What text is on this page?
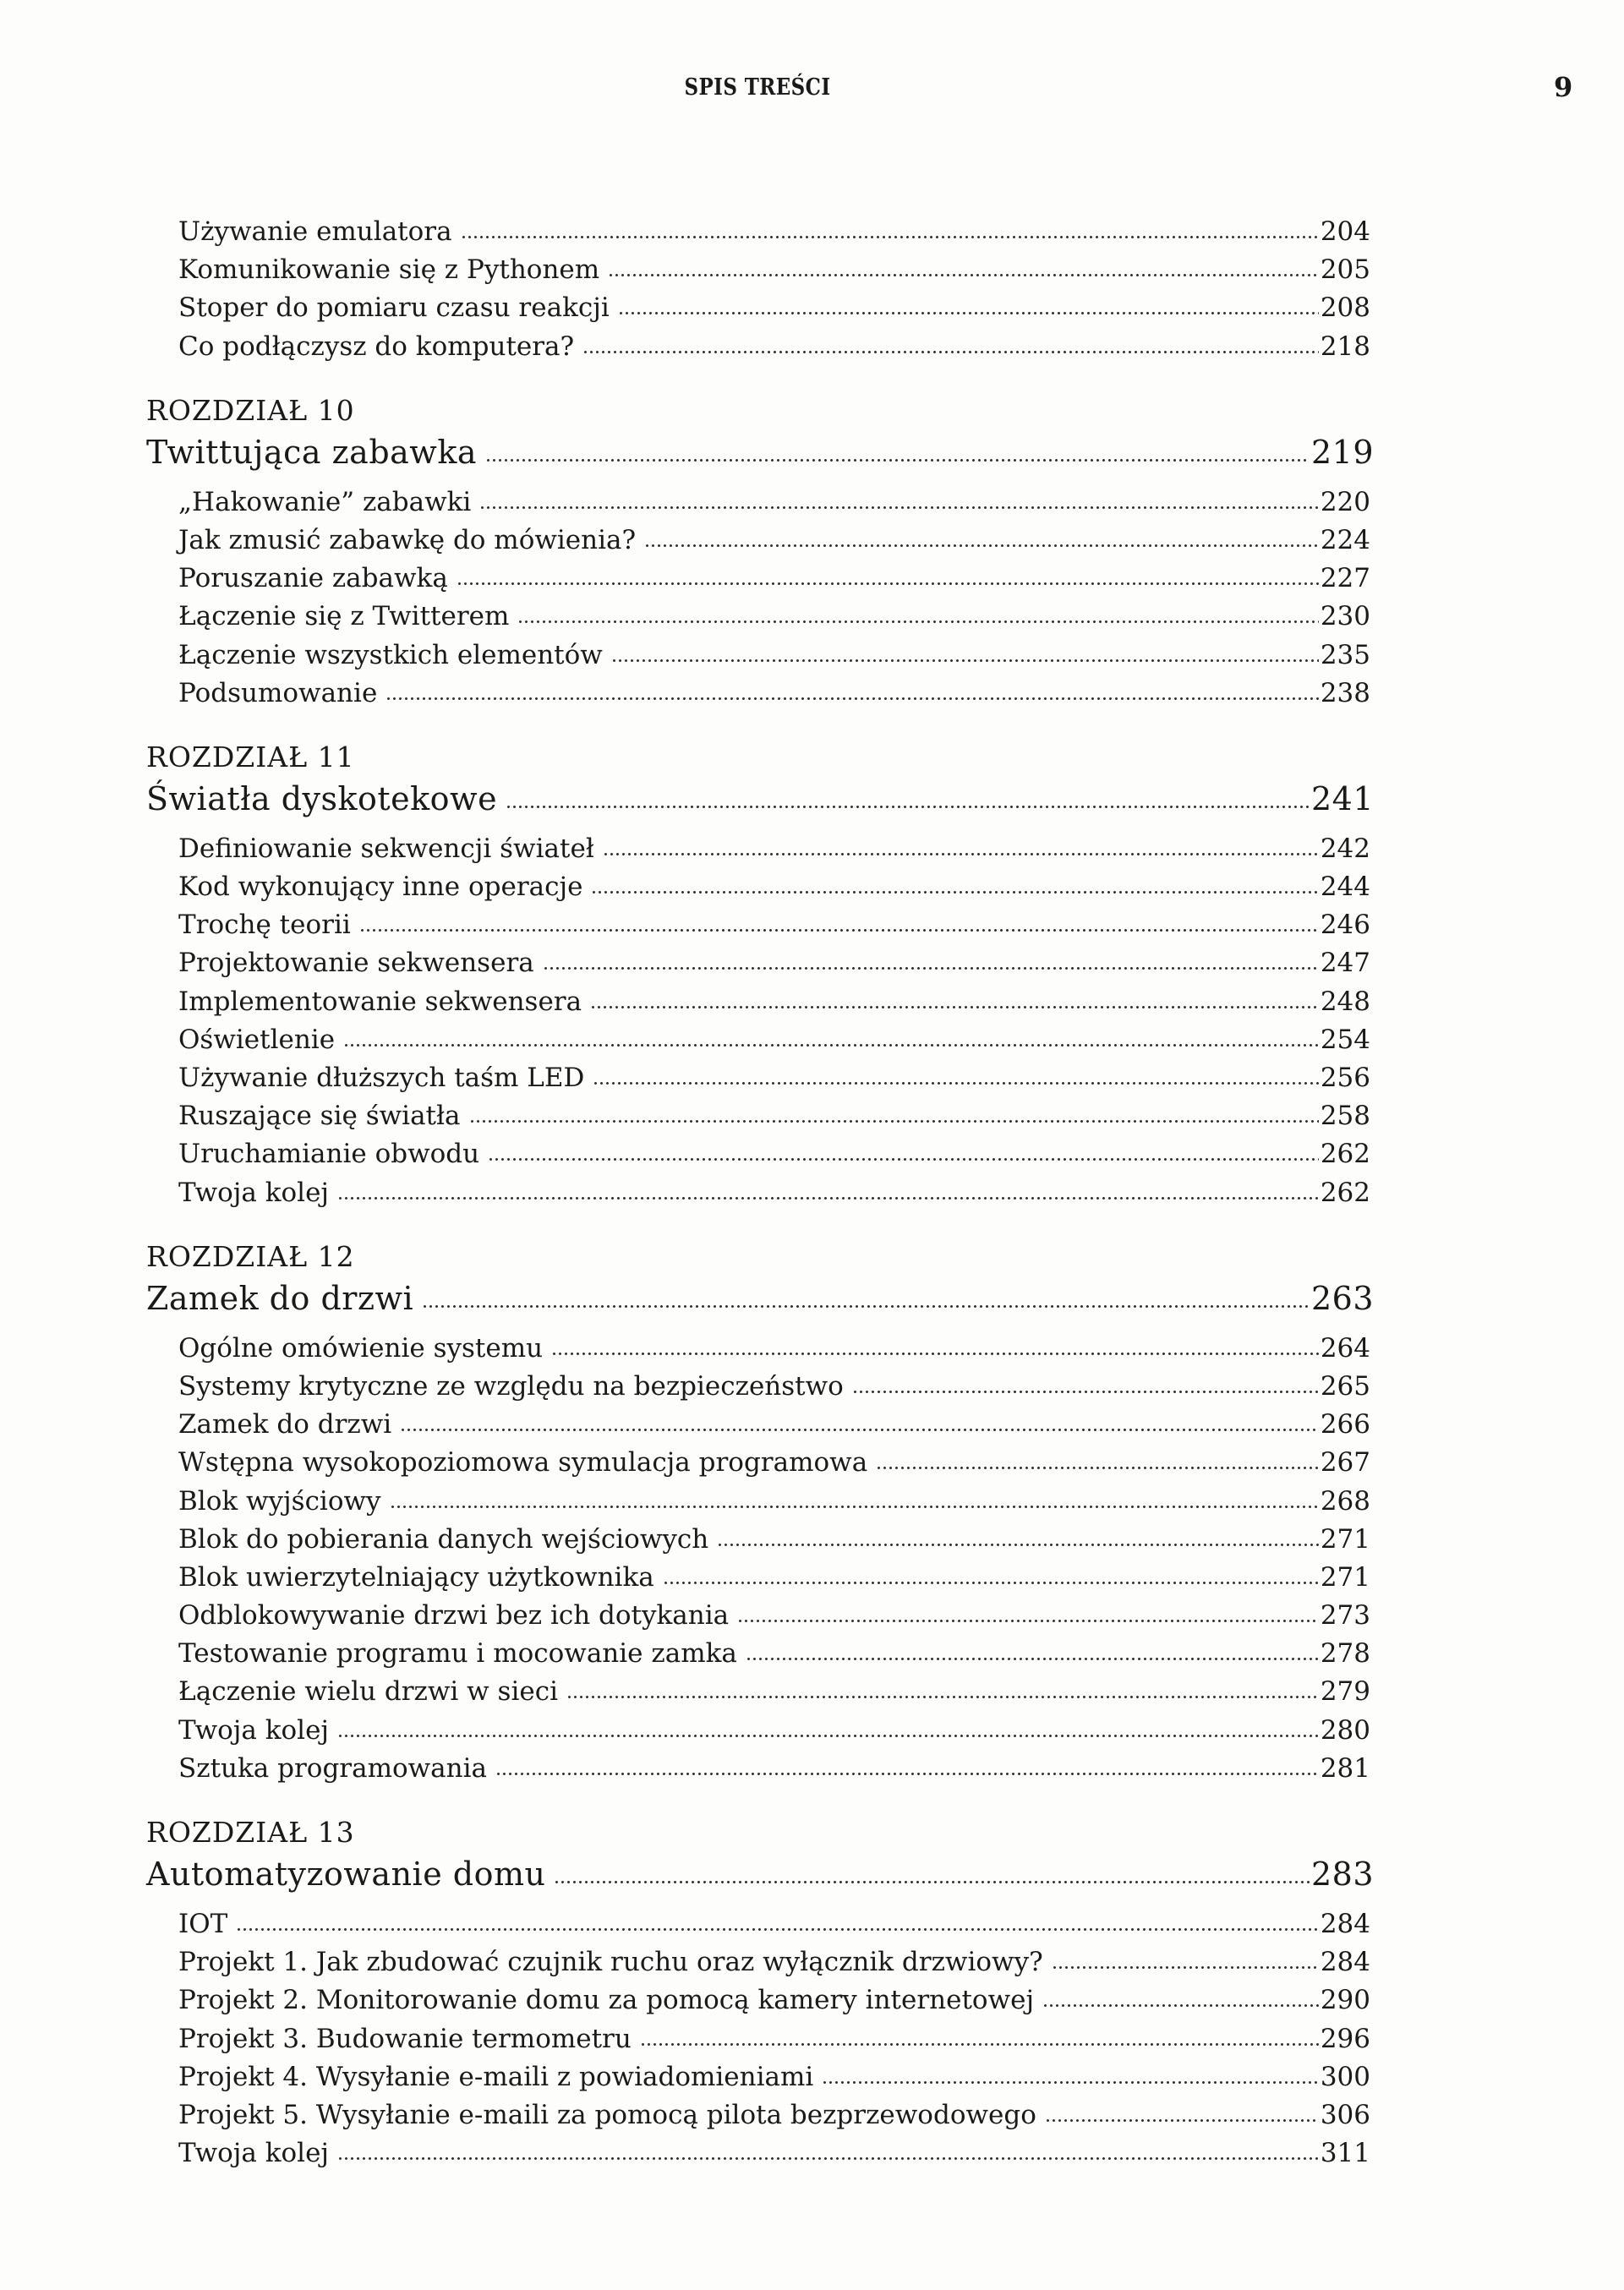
SPIS TREŚCI	9
Używanie emulatora	204
Komunikowanie się z Pythonem	205
Stoper do pomiaru czasu reakcji	208
Co podłączysz do komputera?	218
ROZDZIAŁ 10
Twittująca zabawka	219
„Hakowanie” zabawki	220
Jak zmusić zabawkę do mówienia?	224
Poruszanie zabawką	227
Łączenie się z Twitterem	230
Łączenie wszystkich elementów	235
Podsumowanie	238
ROZDZIAŁ 11
Światła dyskotekowe	241
Definiowanie sekwencji świateł	242
Kod wykonujący inne operacje	244
Trochę teorii	246
Projektowanie sekwensera	247
Implementowanie sekwensera	248
Oświetlenie	254
Używanie dłuższych taśm LED	256
Ruszające się światła	258
Uruchamianie obwodu	262
Twoja kolej	262
ROZDZIAŁ 12
Zamek do drzwi	263
Ogólne omówienie systemu	264
Systemy krytyczne ze względu na bezpieczeństwo	265
Zamek do drzwi	266
Wstępna wysokopoziomowa symulacja programowa	267
Blok wyjściowy	268
Blok do pobierania danych wejściowych	271
Blok uwierzytelniający użytkownika	271
Odblokowywanie drzwi bez ich dotykania	273
Testowanie programu i mocowanie zamka	278
Łączenie wielu drzwi w sieci	279
Twoja kolej	280
Sztuka programowania	281
ROZDZIAŁ 13
Automatyzowanie domu	283
IOT	284
Projekt 1. Jak zbudować czujnik ruchu oraz wyłącznik drzwiowy?	284
Projekt 2. Monitorowanie domu za pomocą kamery internetowej	290
Projekt 3. Budowanie termometru	296
Projekt 4. Wysyłanie e-maili z powiadomieniami	300
Projekt 5. Wysyłanie e-maili za pomocą pilota bezprzewodowego	306
Twoja kolej	311
